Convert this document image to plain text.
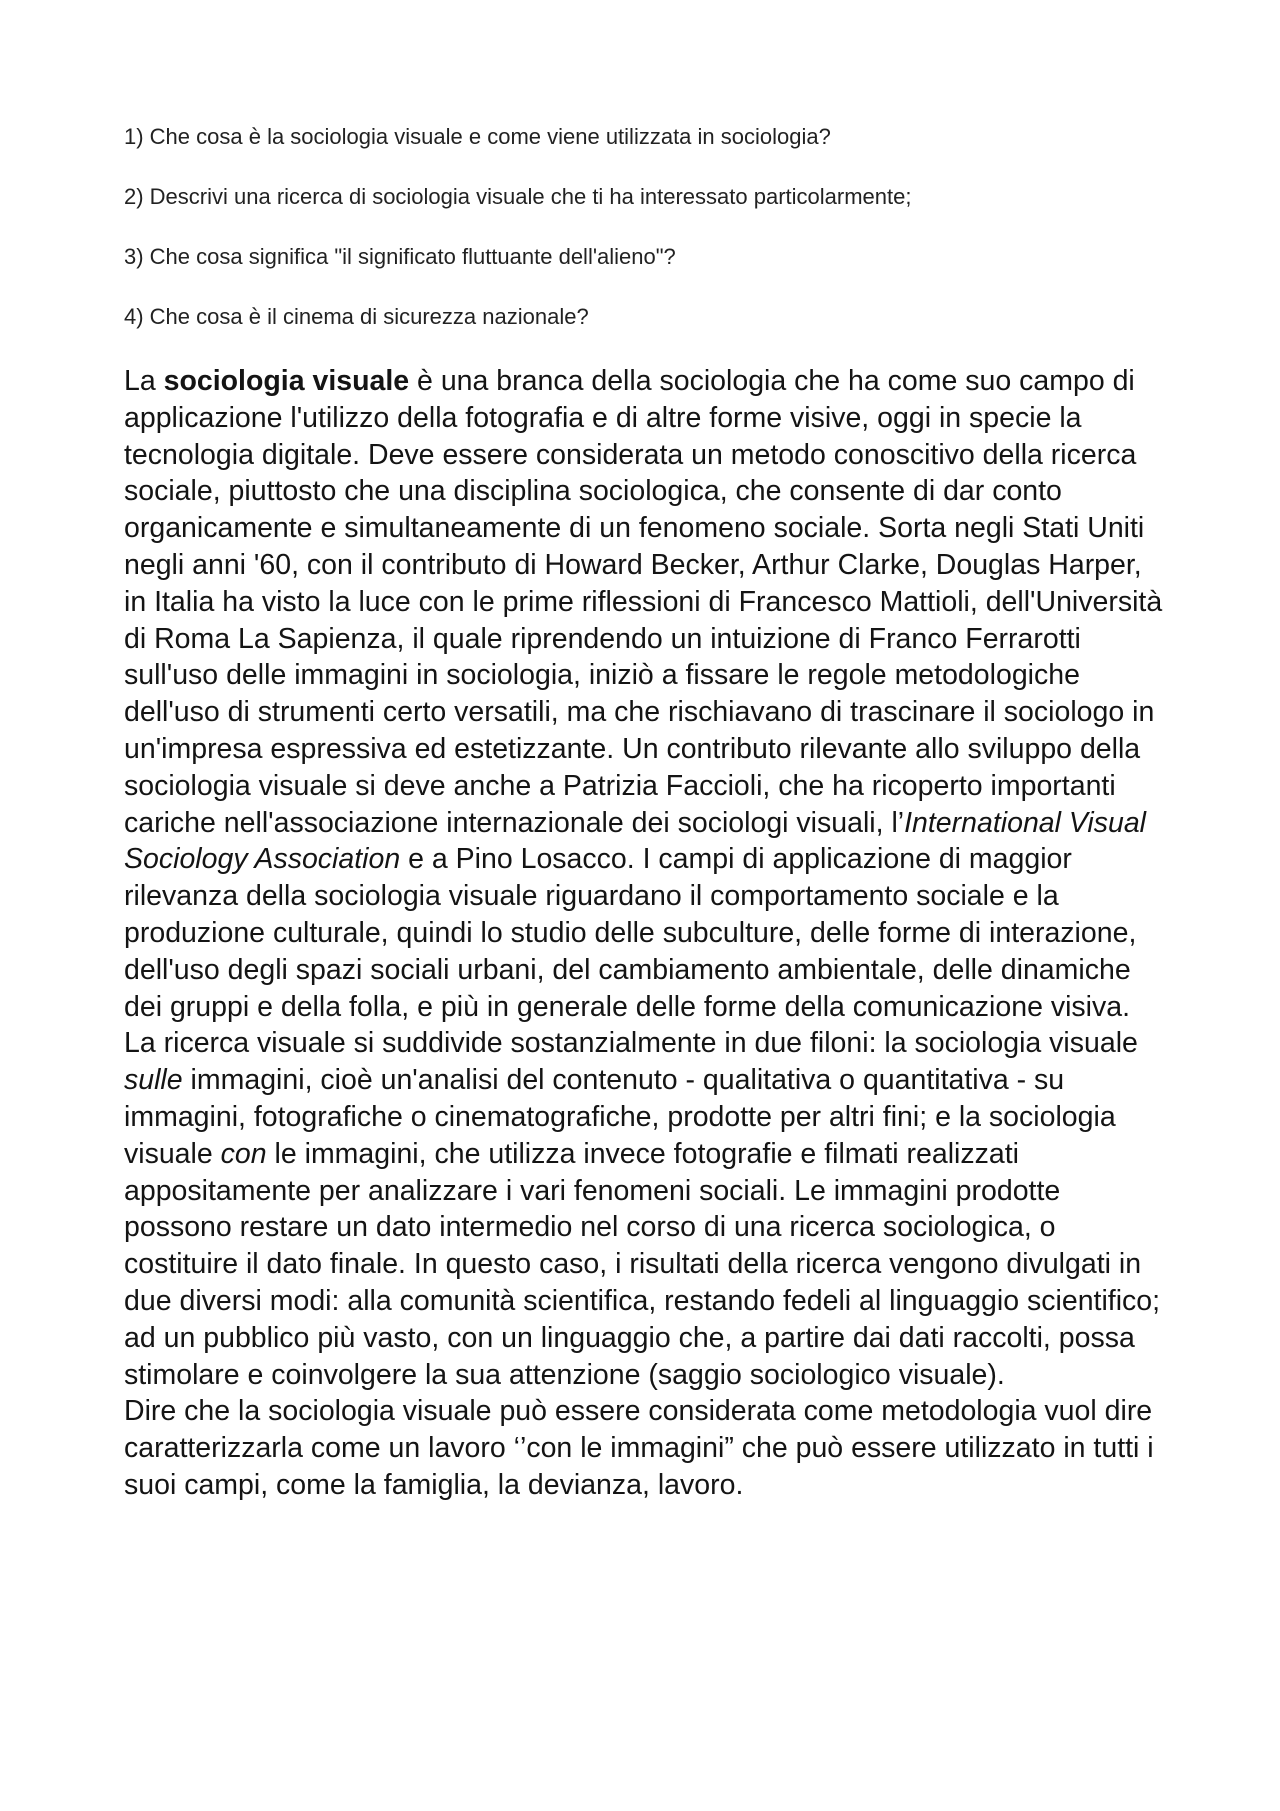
1) Che cosa è la sociologia visuale e come viene utilizzata in sociologia?
2) Descrivi una ricerca di sociologia visuale che ti ha interessato particolarmente;
3) Che cosa significa "il significato fluttuante dell'alieno"?
4) Che cosa è il cinema di sicurezza nazionale?

La sociologia visuale è una branca della sociologia che ha come suo campo di applicazione l'utilizzo della fotografia e di altre forme visive, oggi in specie la tecnologia digitale. Deve essere considerata un metodo conoscitivo della ricerca sociale, piuttosto che una disciplina sociologica, che consente di dar conto organicamente e simultaneamente di un fenomeno sociale. Sorta negli Stati Uniti negli anni '60, con il contributo di Howard Becker, Arthur Clarke, Douglas Harper, in Italia ha visto la luce con le prime riflessioni di Francesco Mattioli, dell'Università di Roma La Sapienza, il quale riprendendo un intuizione di Franco Ferrarotti sull'uso delle immagini in sociologia, iniziò a fissare le regole metodologiche dell'uso di strumenti certo versatili, ma che rischiavano di trascinare il sociologo in un'impresa espressiva ed estetizzante. Un contributo rilevante allo sviluppo della sociologia visuale si deve anche a Patrizia Faccioli, che ha ricoperto importanti cariche nell'associazione internazionale dei sociologi visuali, l’International Visual Sociology Association e a Pino Losacco. I campi di applicazione di maggior rilevanza della sociologia visuale riguardano il comportamento sociale e la produzione culturale, quindi lo studio delle subculture, delle forme di interazione, dell'uso degli spazi sociali urbani, del cambiamento ambientale, delle dinamiche dei gruppi e della folla, e più in generale delle forme della comunicazione visiva. La ricerca visuale si suddivide sostanzialmente in due filoni: la sociologia visuale sulle immagini, cioè un'analisi del contenuto - qualitativa o quantitativa - su immagini, fotografiche o cinematografiche, prodotte per altri fini; e la sociologia visuale con le immagini, che utilizza invece fotografie e filmati realizzati appositamente per analizzare i vari fenomeni sociali. Le immagini prodotte possono restare un dato intermedio nel corso di una ricerca sociologica, o costituire il dato finale. In questo caso, i risultati della ricerca vengono divulgati in due diversi modi: alla comunità scientifica, restando fedeli al linguaggio scientifico; ad un pubblico più vasto, con un linguaggio che, a partire dai dati raccolti, possa stimolare e coinvolgere la sua attenzione (saggio sociologico visuale).

Dire che la sociologia visuale può essere considerata come metodologia vuol dire caratterizzarla come un lavoro ‘’con le immagini” che può essere utilizzato in tutti i suoi campi, come la famiglia, la devianza, lavoro.
